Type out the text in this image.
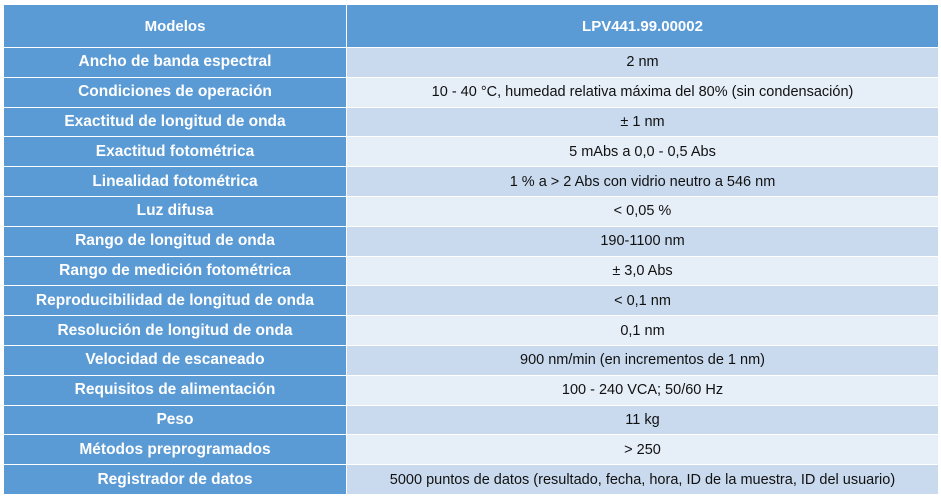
Modelos	LPV441.99.00002
Ancho de banda espectral	2 nm
Condiciones de operación	10 - 40 °C, humedad relativa máxima del 80% (sin condensación)
Exactitud de longitud de onda	± 1 nm
Exactitud fotométrica	5 mAbs a 0,0 - 0,5 Abs
Linealidad fotométrica	1 % a > 2 Abs con vidrio neutro a 546 nm
Luz difusa	< 0,05 %
Rango de longitud de onda	190-1100 nm
Rango de medición fotométrica	± 3,0 Abs
Reproducibilidad de longitud de onda	< 0,1 nm
Resolución de longitud de onda	0,1 nm
Velocidad de escaneado	900 nm/min (en incrementos de 1 nm)
Requisitos de alimentación	100 - 240 VCA; 50/60 Hz
Peso	11 kg
Métodos preprogramados	> 250
Registrador de datos	5000 puntos de datos (resultado, fecha, hora, ID de la muestra, ID del usuario)
